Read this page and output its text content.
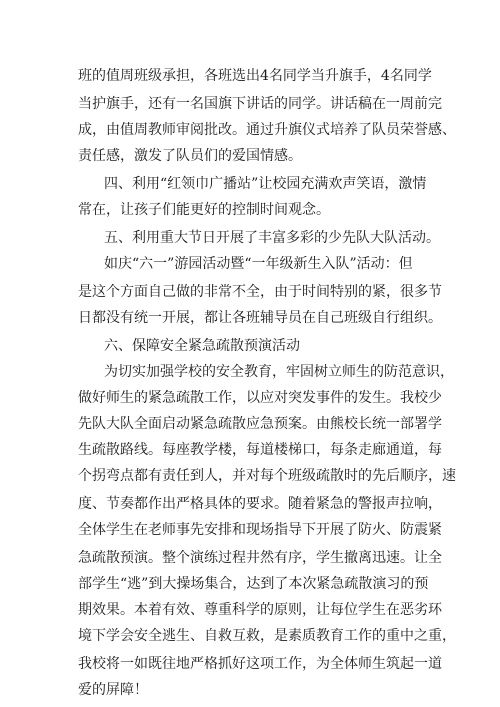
班的值周班级承担，各班选出4名同学当升旗手，4名同学
当护旗手，还有一名国旗下讲话的同学。讲话稿在一周前完
成，由值周教师审阅批改。通过升旗仪式培养了队员荣誉感、
责任感，激发了队员们的爱国情感。
四、利用“红领巾广播站”让校园充满欢声笑语，激情
常在，让孩子们能更好的控制时间观念。
五、利用重大节日开展了丰富多彩的少先队大队活动。
如庆“六一”游园活动暨“一年级新生入队”活动：但
是这个方面自己做的非常不全，由于时间特别的紧，很多节
日都没有统一开展，都让各班辅导员在自己班级自行组织。
六、保障安全紧急疏散预演活动
为切实加强学校的安全教育，牢固树立师生的防范意识，
做好师生的紧急疏散工作，以应对突发事件的发生。我校少
先队大队全面启动紧急疏散应急预案。由熊校长统一部署学
生疏散路线。每座教学楼，每道楼梯口，每条走廊通道，每
个拐弯点都有责任到人，并对每个班级疏散时的先后顺序，速
度、节奏都作出严格具体的要求。随着紧急的警报声拉响，
全体学生在老师事先安排和现场指导下开展了防火、防震紧
急疏散预演。整个演练过程井然有序，学生撤离迅速。让全
部学生“逃”到大操场集合，达到了本次紧急疏散演习的预
期效果。本着有效、尊重科学的原则，让每位学生在恶劣环
境下学会安全逃生、自救互救，是素质教育工作的重中之重，
我校将一如既往地严格抓好这项工作，为全体师生筑起一道
爱的屏障！
